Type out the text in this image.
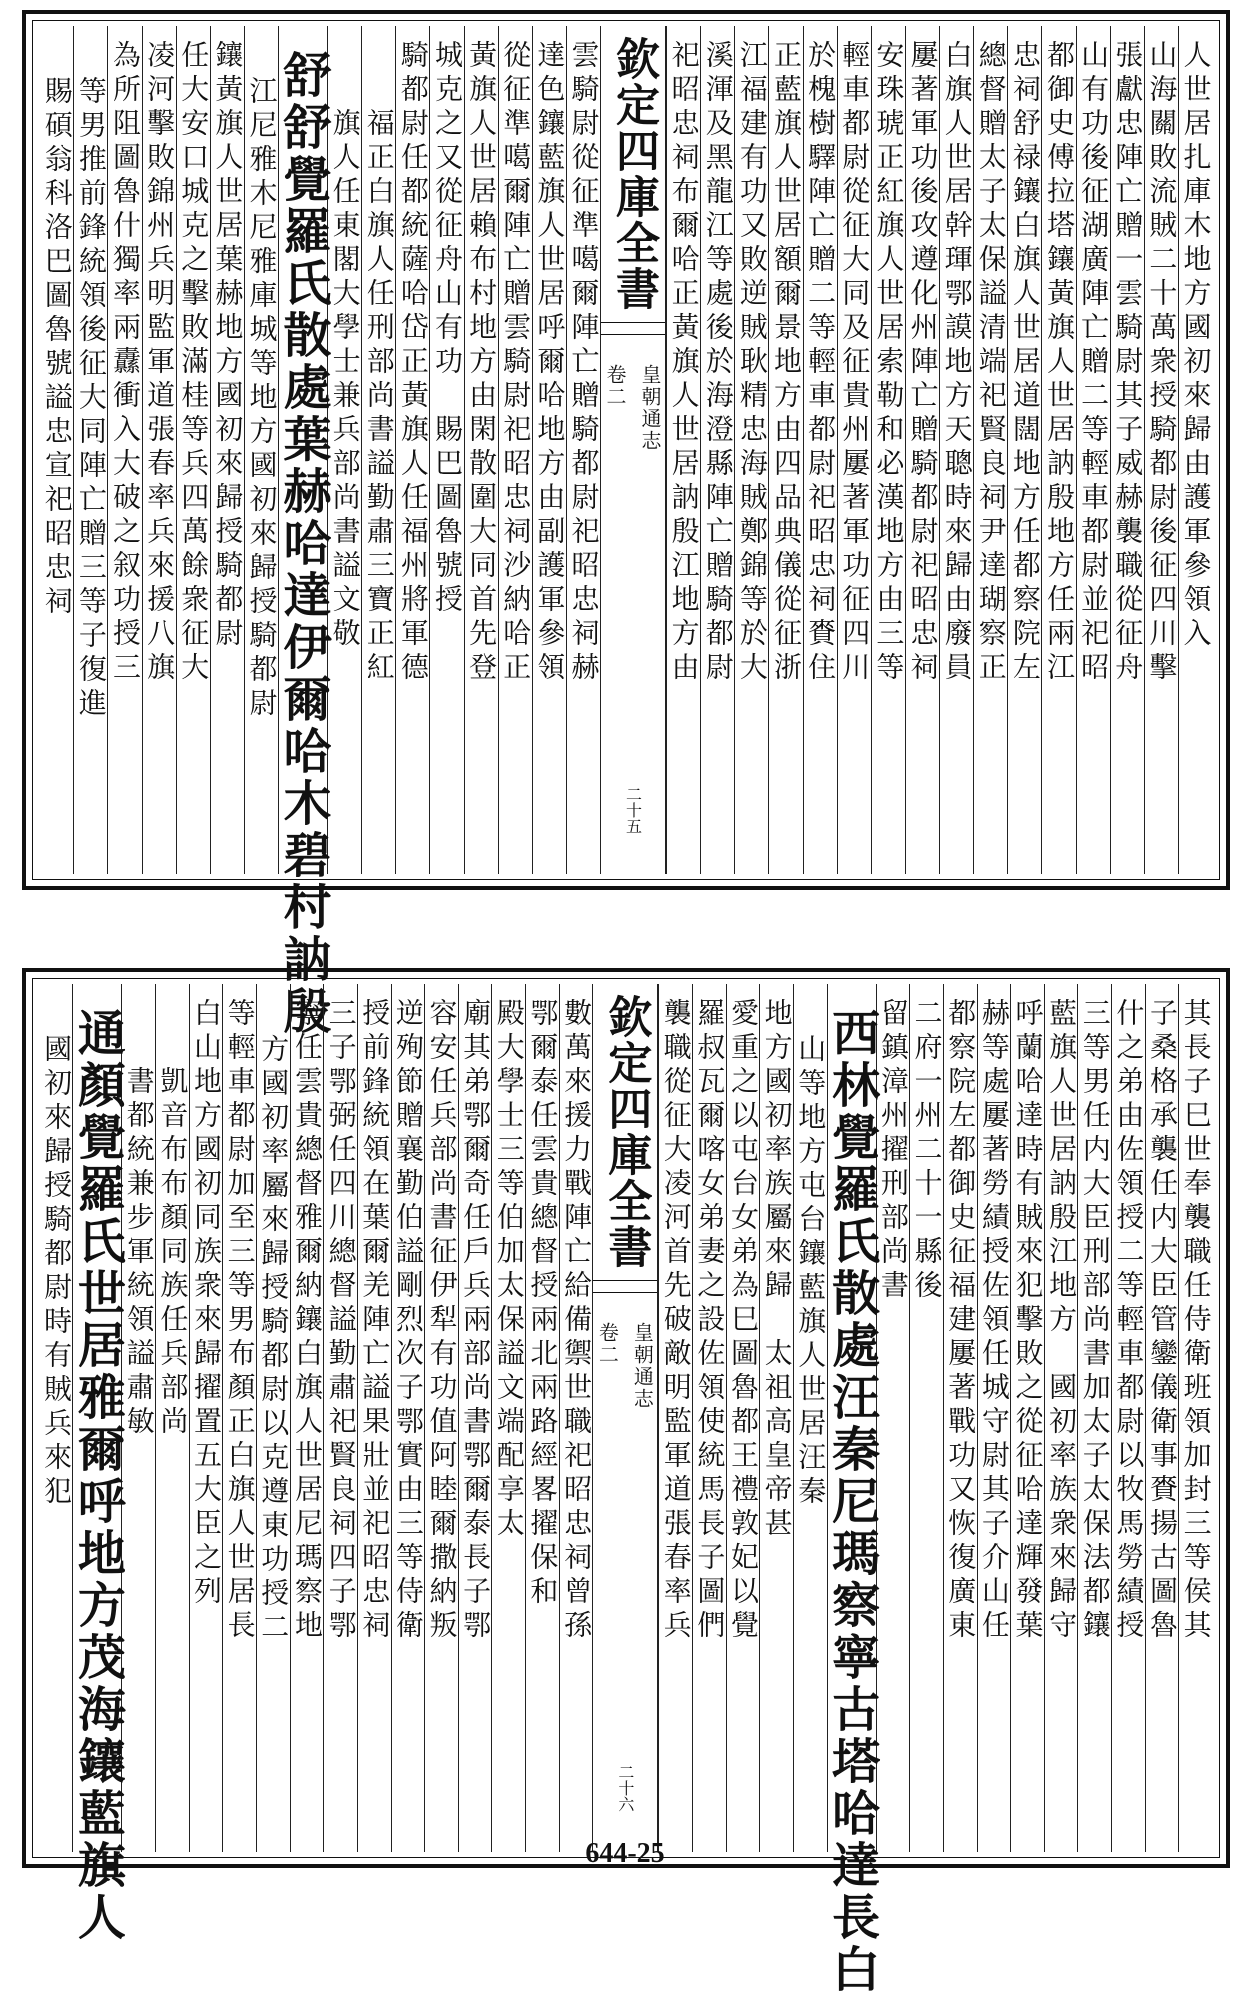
人世居扎庫木地方國初來歸由護軍參領入
山海關敗流賊二十萬衆授騎都尉後征四川擊
張獻忠陣亡贈一雲騎尉其子威赫襲職從征舟
山有功後征湖廣陣亡贈二等輕車都尉並祀昭
都御史傅拉塔鑲黃旗人世居訥殷地方任兩江
忠祠舒禄鑲白旗人世居道闊地方任都察院左
總督贈太子太保謚清端祀賢良祠尹達瑚察正
白旗人世居幹琿鄂謨地方天聰時來歸由廢員
屢著軍功後攻遵化州陣亡贈騎都尉祀昭忠祠
安珠琥正紅旗人世居索勒和必漢地方由三等
輕車都尉從征大同及征貴州屢著軍功征四川
於槐樹驛陣亡贈二等輕車都尉祀昭忠祠賚住
正藍旗人世居額爾景地方由四品典儀從征浙
江福建有功又敗逆賊耿精忠海賊鄭錦等於大
溪渾及黑龍江等處後於海澄縣陣亡贈騎都尉
祀昭忠祠布爾哈正黃旗人世居訥殷江地方由
欽定四庫全書
皇朝通志
卷二
二十五
雲騎尉從征準噶爾陣亡贈騎都尉祀昭忠祠赫
達色鑲藍旗人世居呼爾哈地方由副護軍參領
從征準噶爾陣亡贈雲騎尉祀昭忠祠沙納哈正
黃旗人世居賴布村地方由閑散圍大同首先登
城克之又從征舟山有功　賜巴圖魯號授
騎都尉任都統薩哈岱正黃旗人任福州將軍德
福正白旗人任刑部尚書謚勤肅三寶正紅
旗人任東閣大學士兼兵部尚書謚文敬
舒舒覺羅氏散處葉赫哈達伊爾哈木碧村訥殷
江尼雅木尼雅庫城等地方國初來歸授騎都尉
鑲黃旗人世居葉赫地方國初來歸授騎都尉
任大安口城克之擊敗滿桂等兵四萬餘衆征大
凌河擊敗錦州兵明監軍道張春率兵來援八旗
為所阻圖魯什獨率兩纛衝入大破之叙功授三
等男推前鋒統領後征大同陣亡贈三等子復進
賜碩翁科洛巴圖魯號謚忠宣祀昭忠祠
其長子巳世奉襲職任侍衛班領加封三等侯其
子桑格承襲任内大臣管鑾儀衛事賚揚古圖魯
什之弟由佐領授二等輕車都尉以牧馬勞績授
三等男任内大臣刑部尚書加太子太保法都鑲
藍旗人世居訥殷江地方　國初率族衆來歸守
呼蘭哈達時有賊來犯擊敗之從征哈達輝發葉
赫等處屢著勞績授佐領任城守尉其子介山任
都察院左都御史征福建屢著戰功又恢復廣東
二府一州二十一縣後
留鎮漳州擢刑部尚書
西林覺羅氏散處汪秦尼瑪察寧古塔哈達長白
山等地方屯台鑲藍旗人世居汪秦
地方國初率族屬來歸　太祖高皇帝甚
愛重之以屯台女弟為巳圖魯都王禮敦妃以覺
羅叔瓦爾喀女弟妻之設佐領使統馬長子圖們
襲職從征大凌河首先破敵明監軍道張春率兵
欽定四庫全書
皇朝通志
卷二
二十六
數萬來援力戰陣亡給備禦世職祀昭忠祠曾孫
鄂爾泰任雲貴總督授兩北兩路經畧擢保和
殿大學士三等伯加太保謚文端配享太
廟其弟鄂爾奇任戶兵兩部尚書鄂爾泰長子鄂
容安任兵部尚書征伊犁有功值阿睦爾撒納叛
逆殉節贈襄勤伯謚剛烈次子鄂實由三等侍衛
授前鋒統領在葉爾羌陣亡謚果壯並祀昭忠祠
三子鄂弼任四川總督謚勤肅祀賢良祠四子鄂
寧任雲貴總督雅爾納鑲白旗人世居尼瑪察地
方國初率屬來歸授騎都尉以克遵東功授二
等輕車都尉加至三等男布顏正白旗人世居長
白山地方國初同族衆來歸擢置五大臣之列
凱音布布顏同族任兵部尚
書都統兼步軍統領謚肅敏
通顏覺羅氏世居雅爾呼地方茂海鑲藍旗人
國初來歸授騎都尉時有賊兵來犯
644-25
